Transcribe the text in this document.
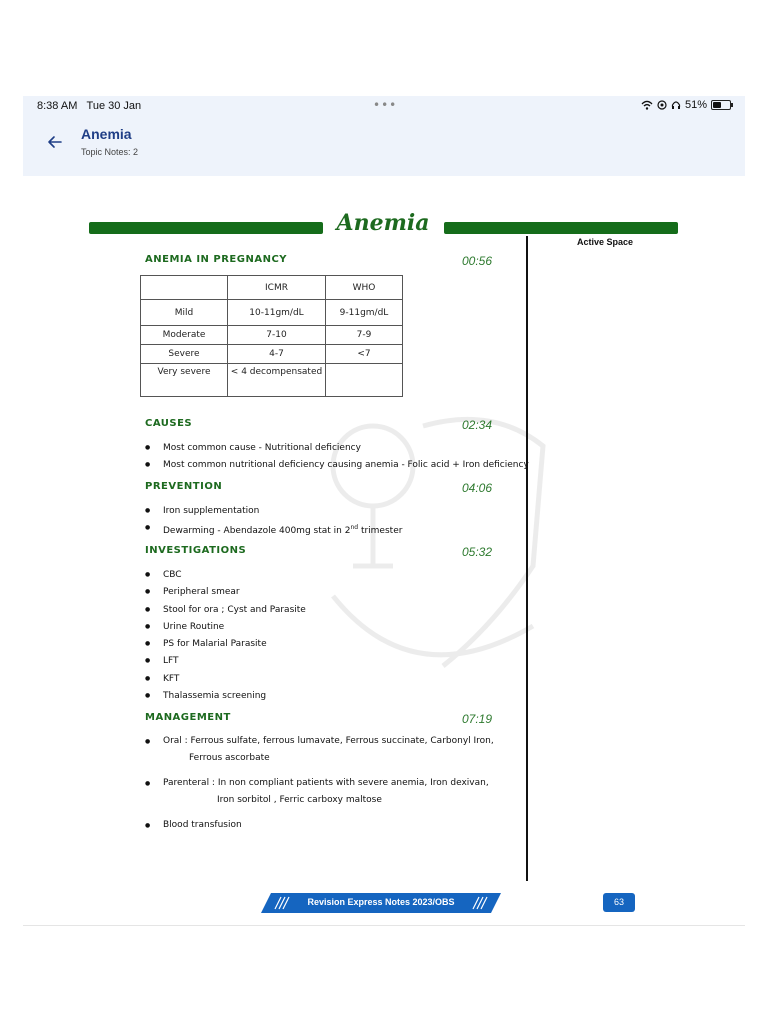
8:38 AM Tue 30 Jan	•••	51%
Anemia
Topic Notes: 2
Anemia
Active Space
ANEMIA IN PREGNANCY	00:56
	ICMR	WHO
Mild	10-11gm/dL	9-11gm/dL
Moderate	7-10	7-9
Severe	4-7	<7
Very severe	< 4 decompensated	
CAUSES	02:34
● Most common cause - Nutritional deficiency
● Most common nutritional deficiency causing anemia - Folic acid + Iron deficiency
PREVENTION	04:06
● Iron supplementation
● Dewarming - Abendazole 400mg stat in 2nd trimester
INVESTIGATIONS	05:32
● CBC
● Peripheral smear
● Stool for ora ; Cyst and Parasite
● Urine Routine
● PS for Malarial Parasite
● LFT
● KFT
● Thalassemia screening
MANAGEMENT	07:19
● Oral : Ferrous sulfate, ferrous lumavate, Ferrous succinate, Carbonyl Iron,
Ferrous ascorbate
● Parenteral : In non compliant patients with severe anemia, Iron dexivan,
Iron sorbitol , Ferric carboxy maltose
● Blood transfusion
Revision Express Notes 2023/OBS	63
